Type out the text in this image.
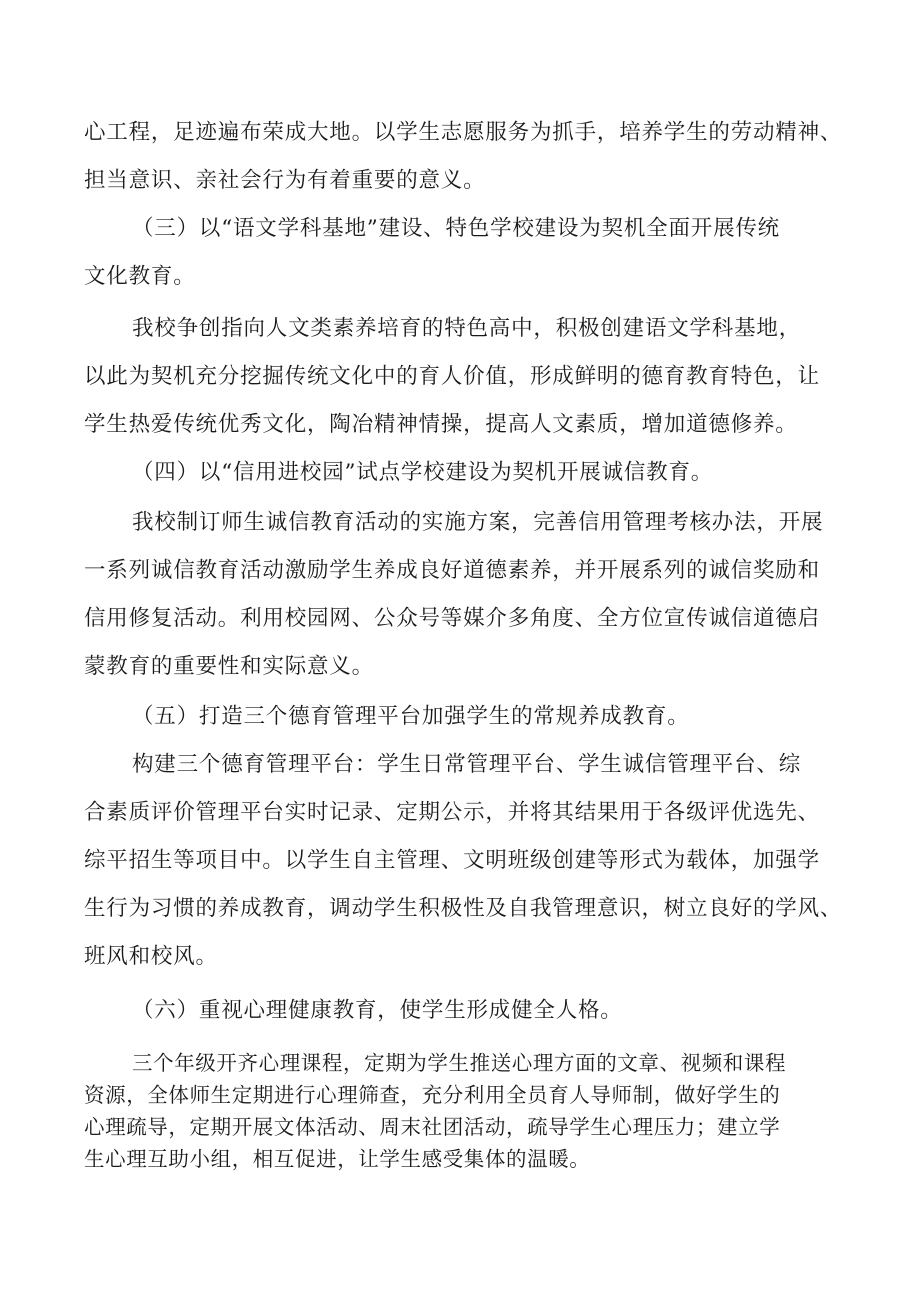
心工程，足迹遍布荣成大地。以学生志愿服务为抓手，培养学生的劳动精神、
担当意识、亲社会行为有着重要的意义。
（三）以“语文学科基地”建设、特色学校建设为契机全面开展传统
文化教育。
我校争创指向人文类素养培育的特色高中，积极创建语文学科基地，
以此为契机充分挖掘传统文化中的育人价值，形成鲜明的德育教育特色，让
学生热爱传统优秀文化，陶冶精神情操，提高人文素质，增加道德修养。
（四）以“信用进校园”试点学校建设为契机开展诚信教育。
我校制订师生诚信教育活动的实施方案，完善信用管理考核办法，开展
一系列诚信教育活动激励学生养成良好道德素养，并开展系列的诚信奖励和
信用修复活动。利用校园网、公众号等媒介多角度、全方位宣传诚信道德启
蒙教育的重要性和实际意义。
（五）打造三个德育管理平台加强学生的常规养成教育。
构建三个德育管理平台：学生日常管理平台、学生诚信管理平台、综
合素质评价管理平台实时记录、定期公示，并将其结果用于各级评优选先、
综平招生等项目中。以学生自主管理、文明班级创建等形式为载体，加强学
生行为习惯的养成教育，调动学生积极性及自我管理意识，树立良好的学风、
班风和校风。
（六）重视心理健康教育，使学生形成健全人格。
三个年级开齐心理课程，定期为学生推送心理方面的文章、视频和课程
资源，全体师生定期进行心理筛查，充分利用全员育人导师制，做好学生的
心理疏导，定期开展文体活动、周末社团活动，疏导学生心理压力；建立学
生心理互助小组，相互促进，让学生感受集体的温暖。
